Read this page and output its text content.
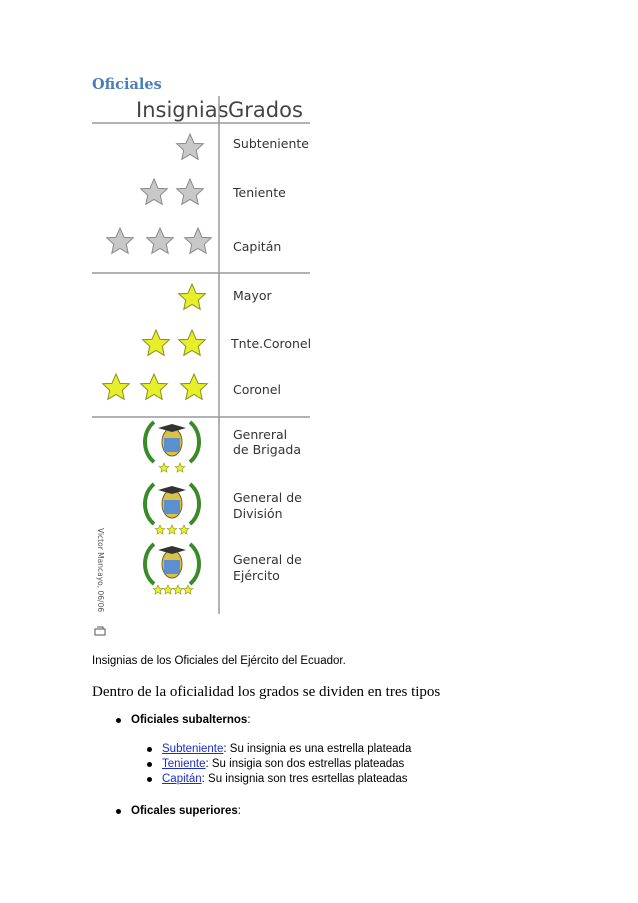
Oficiales
Insignias Grados
Subteniente
Teniente
Capitán
Mayor
Tnte.Coronel
Coronel
Genreral
de Brigada
General de
División
General de
Ejército
Victor Mancayo, 06/06
Insignias de los Oficiales del Ejército del Ecuador.
Dentro de la oficialidad los grados se dividen en tres tipos
Oficiales subalternos :
Subteniente : Su insignia es una estrella plateada
Teniente : Su insigia son dos estrellas plateadas
Capitán : Su insignia son tres esrtellas plateadas
Oficales superiores :
